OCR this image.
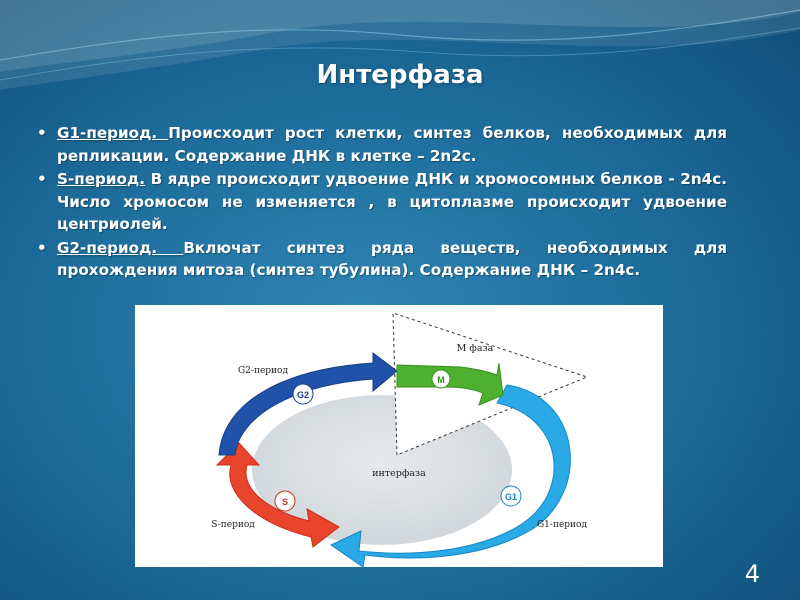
Интерфаза
• G1-период. Происходит рост клетки, синтез белков, необходимых для репликации. Содержание ДНК в клетке – 2n2c.
• S-период. В ядре происходит удвоение ДНК и хромосомных белков - 2n4c. Число хромосом не изменяется , в цитоплазме происходит удвоение центриолей.
• G2-период. Включат синтез ряда веществ, необходимых для прохождения митоза (синтез тубулина). Содержание ДНК – 2n4c.
G2
M
S	G1
М фаза
G2-период
интерфаза
S-период	G1-период
4
